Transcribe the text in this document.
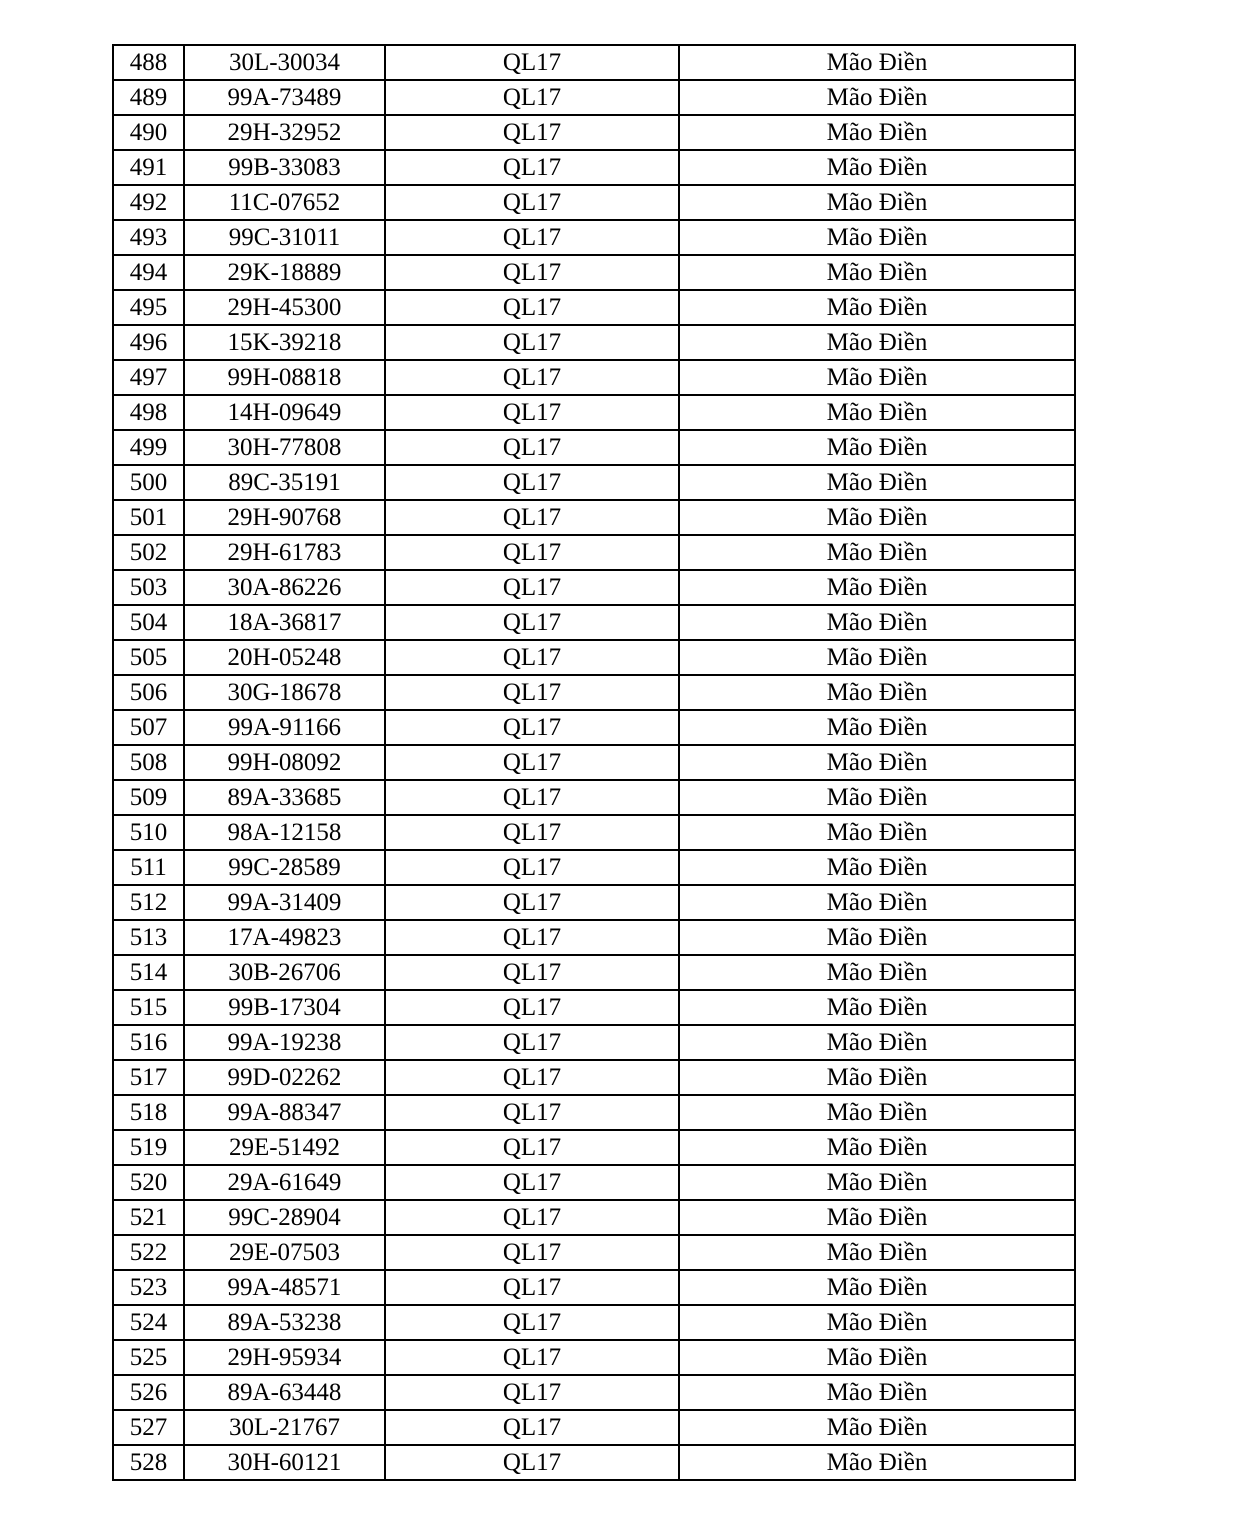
488	30L-30034	QL17	Mão Điền
489	99A-73489	QL17	Mão Điền
490	29H-32952	QL17	Mão Điền
491	99B-33083	QL17	Mão Điền
492	11C-07652	QL17	Mão Điền
493	99C-31011	QL17	Mão Điền
494	29K-18889	QL17	Mão Điền
495	29H-45300	QL17	Mão Điền
496	15K-39218	QL17	Mão Điền
497	99H-08818	QL17	Mão Điền
498	14H-09649	QL17	Mão Điền
499	30H-77808	QL17	Mão Điền
500	89C-35191	QL17	Mão Điền
501	29H-90768	QL17	Mão Điền
502	29H-61783	QL17	Mão Điền
503	30A-86226	QL17	Mão Điền
504	18A-36817	QL17	Mão Điền
505	20H-05248	QL17	Mão Điền
506	30G-18678	QL17	Mão Điền
507	99A-91166	QL17	Mão Điền
508	99H-08092	QL17	Mão Điền
509	89A-33685	QL17	Mão Điền
510	98A-12158	QL17	Mão Điền
511	99C-28589	QL17	Mão Điền
512	99A-31409	QL17	Mão Điền
513	17A-49823	QL17	Mão Điền
514	30B-26706	QL17	Mão Điền
515	99B-17304	QL17	Mão Điền
516	99A-19238	QL17	Mão Điền
517	99D-02262	QL17	Mão Điền
518	99A-88347	QL17	Mão Điền
519	29E-51492	QL17	Mão Điền
520	29A-61649	QL17	Mão Điền
521	99C-28904	QL17	Mão Điền
522	29E-07503	QL17	Mão Điền
523	99A-48571	QL17	Mão Điền
524	89A-53238	QL17	Mão Điền
525	29H-95934	QL17	Mão Điền
526	89A-63448	QL17	Mão Điền
527	30L-21767	QL17	Mão Điền
528	30H-60121	QL17	Mão Điền
